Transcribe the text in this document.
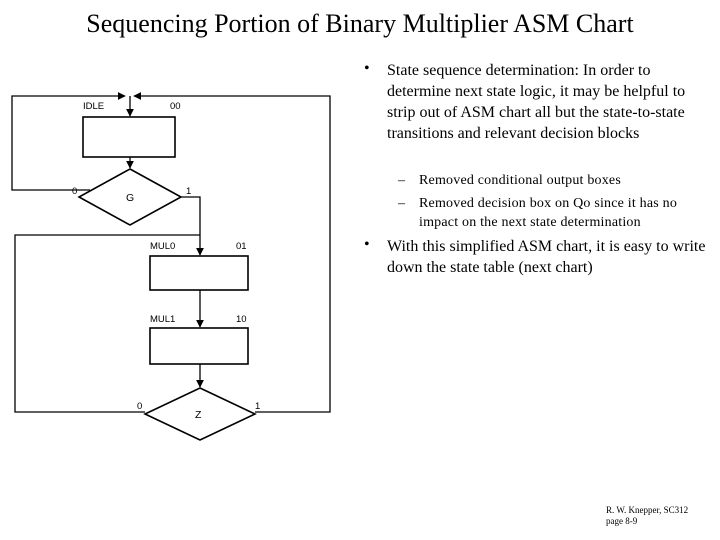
Sequencing Portion of Binary Multiplier ASM Chart
IDLE	00
MUL0	01
MUL1	10
0	1
0	1
G
Z
• State sequence determination: In order to determine next state logic, it may be helpful to strip out of ASM chart all but the state-to-state transitions and relevant decision blocks
– Removed conditional output boxes
– Removed decision box on Qo since it has no impact on the next state determination
• With this simplified ASM chart, it is easy to write down the state table (next chart)
R. W. Knepper, SC312
page 8-9
